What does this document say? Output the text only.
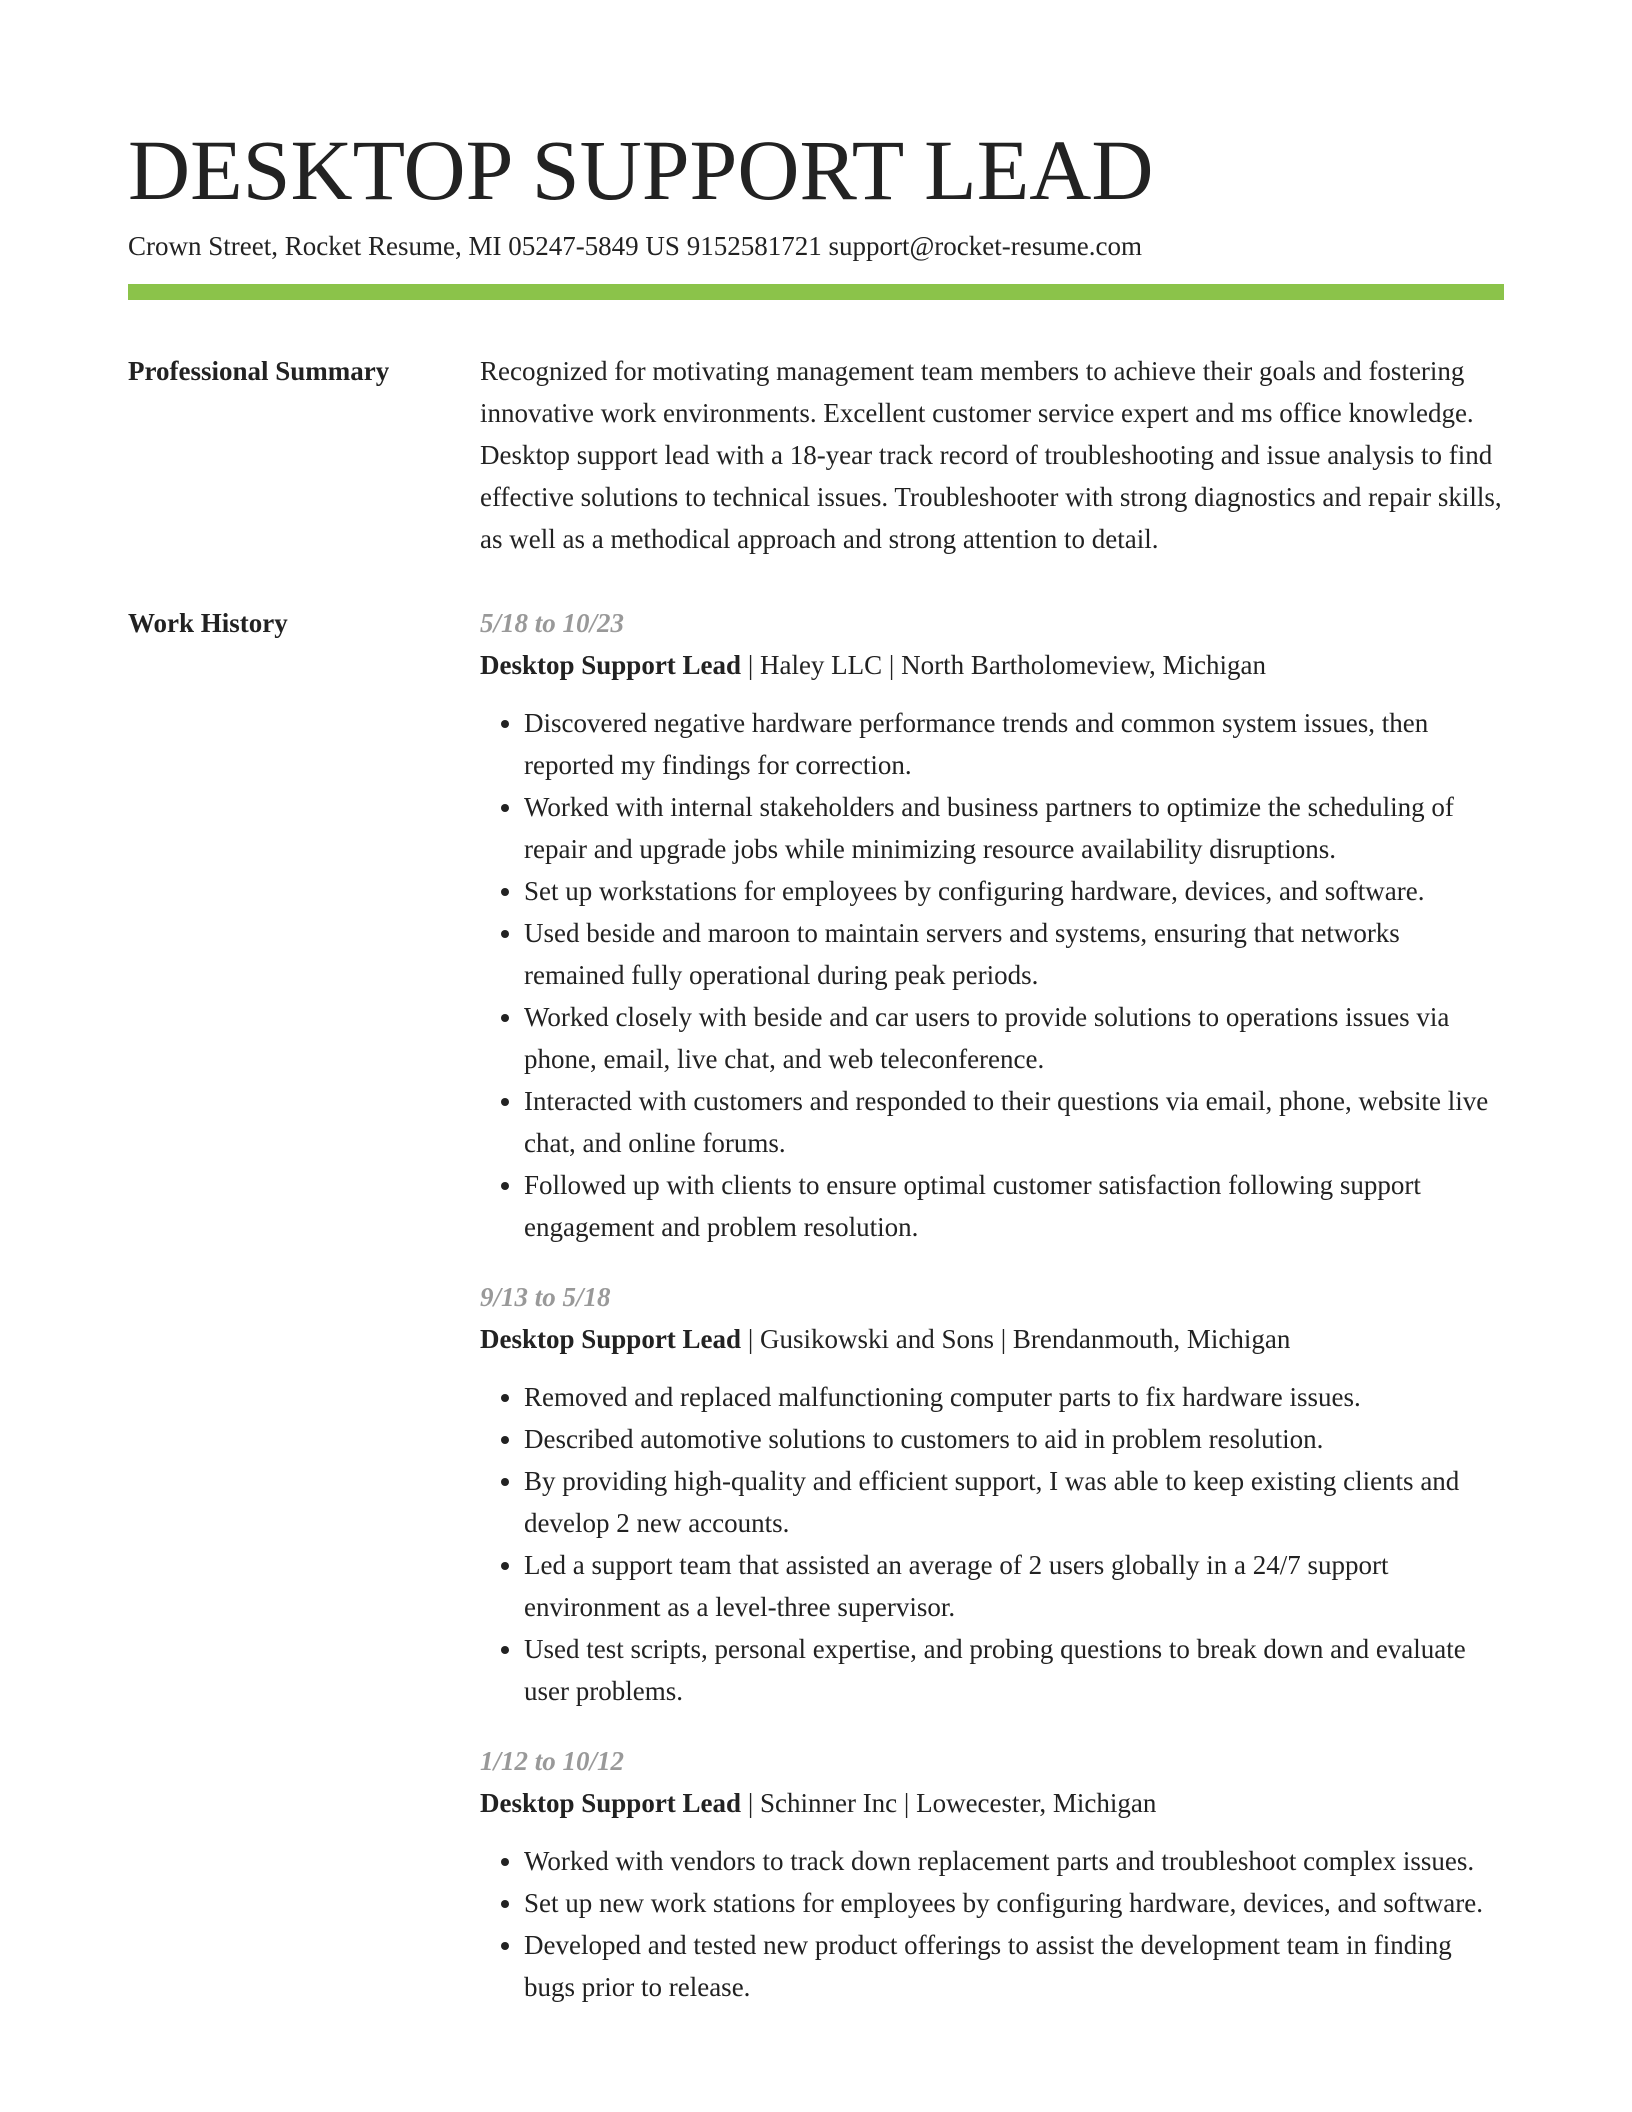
DESKTOP SUPPORT LEAD
Crown Street, Rocket Resume, MI 05247-5849 US 9152581721 support@rocket-resume.com
Professional Summary	Recognized for motivating management team members to achieve their goals and fostering innovative work environments. Excellent customer service expert and ms office knowledge. Desktop support lead with a 18-year track record of troubleshooting and issue analysis to find effective solutions to technical issues. Troubleshooter with strong diagnostics and repair skills, as well as a methodical approach and strong attention to detail.
Work History	5/18 to 10/23
Desktop Support Lead | Haley LLC | North Bartholomeview, Michigan
• Discovered negative hardware performance trends and common system issues, then reported my findings for correction.
• Worked with internal stakeholders and business partners to optimize the scheduling of repair and upgrade jobs while minimizing resource availability disruptions.
• Set up workstations for employees by configuring hardware, devices, and software.
• Used beside and maroon to maintain servers and systems, ensuring that networks remained fully operational during peak periods.
• Worked closely with beside and car users to provide solutions to operations issues via phone, email, live chat, and web teleconference.
• Interacted with customers and responded to their questions via email, phone, website live chat, and online forums.
• Followed up with clients to ensure optimal customer satisfaction following support engagement and problem resolution.
9/13 to 5/18
Desktop Support Lead | Gusikowski and Sons | Brendanmouth, Michigan
• Removed and replaced malfunctioning computer parts to fix hardware issues.
• Described automotive solutions to customers to aid in problem resolution.
• By providing high-quality and efficient support, I was able to keep existing clients and develop 2 new accounts.
• Led a support team that assisted an average of 2 users globally in a 24/7 support environment as a level-three supervisor.
• Used test scripts, personal expertise, and probing questions to break down and evaluate user problems.
1/12 to 10/12
Desktop Support Lead | Schinner Inc | Lowecester, Michigan
• Worked with vendors to track down replacement parts and troubleshoot complex issues.
• Set up new work stations for employees by configuring hardware, devices, and software.
• Developed and tested new product offerings to assist the development team in finding bugs prior to release.
